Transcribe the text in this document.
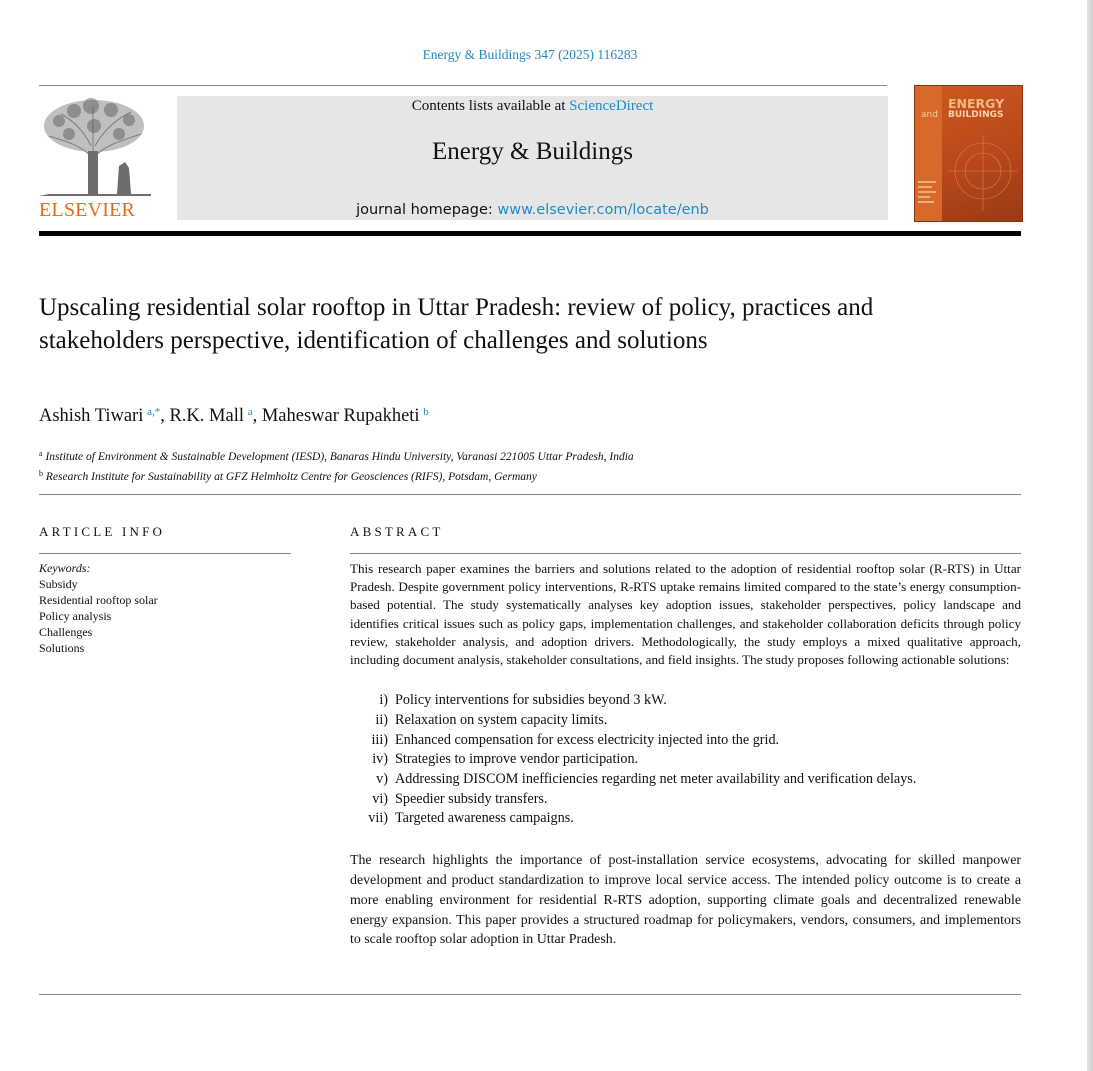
Energy & Buildings 347 (2025) 116283
ELSEVIER
Contents lists available at ScienceDirect
Energy & Buildings
journal homepage: www.elsevier.com/locate/enb
and
ENERGY
BUILDINGS
Upscaling residential solar rooftop in Uttar Pradesh: review of policy, practices and stakeholders perspective, identification of challenges and solutions
Ashish Tiwari  $^{a,*}$, R.K. Mall  $^a$, Maheswar Rupakheti  $^b$
$^a$ Institute of Environment & Sustainable Development (IESD), Banaras Hindu University, Varanasi 221005 Uttar Pradesh, India
$^b$ Research Institute for Sustainability at GFZ Helmholtz Centre for Geosciences (RIFS), Potsdam, Germany
ARTICLE INFO
Keywords:
Subsidy
Residential rooftop solar
Policy analysis
Challenges
Solutions
ABSTRACT

This research paper examines the barriers and solutions related to the adoption of residential rooftop solar (R-RTS) in Uttar Pradesh. Despite government policy interventions, R-RTS uptake remains limited compared to the state’s energy consumption-based potential. The study systematically analyses key adoption issues, stakeholder perspectives, policy landscape and identifies critical issues such as policy gaps, implementation challenges, and stakeholder collaboration deficits through policy review, stakeholder analysis, and adoption drivers. Methodologically, the study employs a mixed qualitative approach, including document analysis, stakeholder consultations, and field insights. The study proposes following actionable solutions:

i) Policy interventions for subsidies beyond 3 kW.
ii) Relaxation on system capacity limits.
iii) Enhanced compensation for excess electricity injected into the grid.
iv) Strategies to improve vendor participation.
v) Addressing DISCOM inefficiencies regarding net meter availability and verification delays.
vi) Speedier subsidy transfers.
vii) Targeted awareness campaigns.

The research highlights the importance of post-installation service ecosystems, advocating for skilled manpower development and product standardization to improve local service access. The intended policy outcome is to create a more enabling environment for residential R-RTS adoption, supporting climate goals and decentralized renewable energy expansion. This paper provides a structured roadmap for policymakers, vendors, consumers, and implementors to scale rooftop solar adoption in Uttar Pradesh.
